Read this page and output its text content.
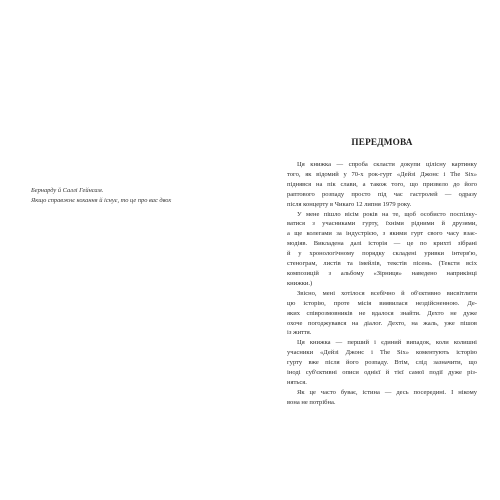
Бернарду й Саллі Гейнсам.

Якщо справжнє кохання й існує, то це про вас двох

ПЕРЕДМОВА

Ця книжка — спроба скласти докупи цілісну картинку
того, як відомий у 70-х рок-гурт «Дейзі Джонс і The Six»
піднявся на пік слави, а також того, що призвело до його
раптового розпаду просто під час гастролей — одразу
після концерту в Чикаго 12 липня 1979 року.

У мене пішло вісім років на те, щоб особисто поспілку-
ватися з учасниками гурту, їхніми рідними й друзями,
а ще колегами за індустрією, з якими гурт свого часу взає-
модіяв. Викладена далі історія — це по крихті зібрані
й у хронологічному порядку складені уривки інтерв'ю,
стенограм, листів та імейлів, текстів пісень. (Тексти всіх
композицій з альбому «Зірниця» наведено наприкінці
книжки.)

Звісно, мені хотілося всебічно й об'єктивно висвітлити
цю історію, проте місія виявилася нездійсненною. Де-
яких співрозмовників не вдалося знайти. Дехто не дуже
охоче погоджувався на діалог. Дехто, на жаль, уже пішов
із життя.

Ця книжка — перший і єдиний випадок, коли колишні
учасники «Дейзі Джонс і The Six» коментують історію
гурту вже після його розпаду. Втім, слід зазначити, що
іноді суб'єктивні описи однієї й тієї самої події дуже різ-
няться.

Як це часто буває, істина — десь посередині. І нікому
вона не потрібна.
